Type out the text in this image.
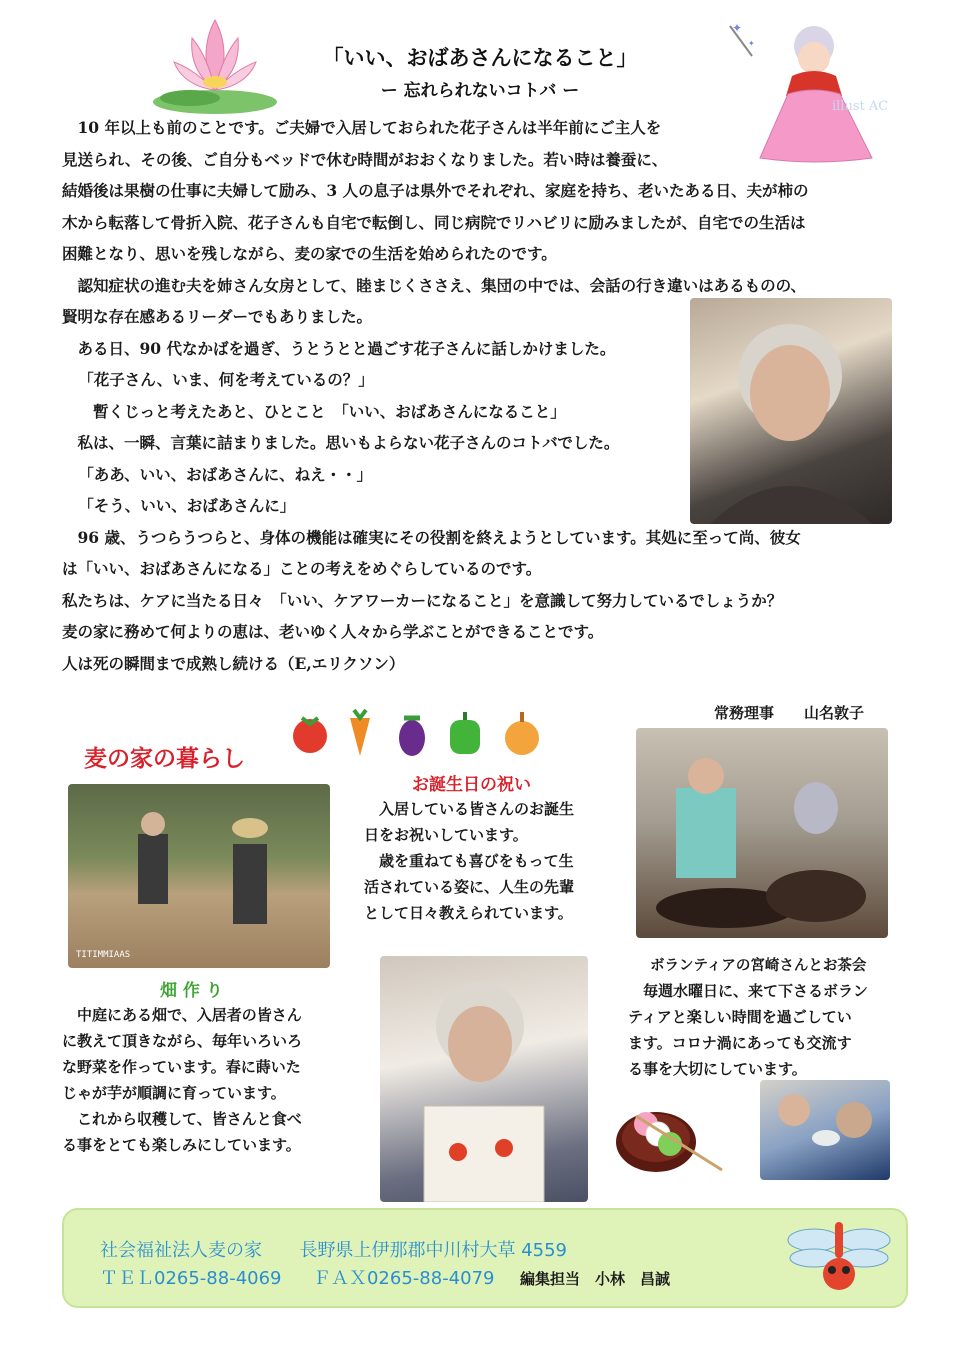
✦
✦
illust AC
「いい、おばあさんになること」
ー 忘れられないコトバ ー

10 年以上も前のことです。ご夫婦で入居しておられた花子さんは半年前にご主人を

見送られ、その後、ご自分もベッドで休む時間がおおくなりました。若い時は養蚕に、

結婚後は果樹の仕事に夫婦して励み、3 人の息子は県外でそれぞれ、家庭を持ち、老いたある日、夫が柿の

木から転落して骨折入院、花子さんも自宅で転倒し、同じ病院でリハビリに励みましたが、自宅での生活は

困難となり、思いを残しながら、麦の家での生活を始められたのです。

認知症状の進む夫を姉さん女房として、睦まじくささえ、集団の中では、会話の行き違いはあるものの、

賢明な存在感あるリーダーでもありました。

ある日、90 代なかばを過ぎ、うとうとと過ごす花子さんに話しかけました。

「花子さん、いま、何を考えているの？」

暫くじっと考えたあと、ひとこと　「いい、おばあさんになること」

私は、一瞬、言葉に詰まりました。思いもよらない花子さんのコトバでした。

「ああ、いい、おばあさんに、ねえ・・」

「そう、いい、おばあさんに」

96 歳、うつらうつらと、身体の機能は確実にその役割を終えようとしています。其処に至って尚、彼女

は「いい、おばあさんになる」ことの考えをめぐらしているのです。

私たちは、ケアに当たる日々　「いい、ケアワーカーになること」を意識して努力しているでしょうか？

麦の家に務めて何よりの恵は、老いゆく人々から学ぶことができることです。

人は死の瞬間まで成熟し続ける（E,エリクソン）

常務理事　　山名敦子
麦の家の暮らし
TITIMMIAAS
畑 作 り

中庭にある畑で、入居者の皆さん

に教えて頂きながら、毎年いろいろ

な野菜を作っています。春に蒔いた

じゃが芋が順調に育っています。

これから収穫して、皆さんと食べ

る事をとても楽しみにしています。

お誕生日の祝い

入居している皆さんのお誕生

日をお祝いしています。

歳を重ねても喜びをもって生

活されている姿に、人生の先輩

として日々教えられています。

ボランティアの宮崎さんとお茶会

毎週水曜日に、来て下さるボラン

ティアと楽しい時間を過ごしてい

ます。コロナ渦にあっても交流す

る事を大切にしています。

社会福祉法人麦の家 長野県上伊那郡中川村大草 4559
ＴＥＬ0265-88-4069 ＦＡＸ0265-88-4079 編集担当　小林　昌誠
